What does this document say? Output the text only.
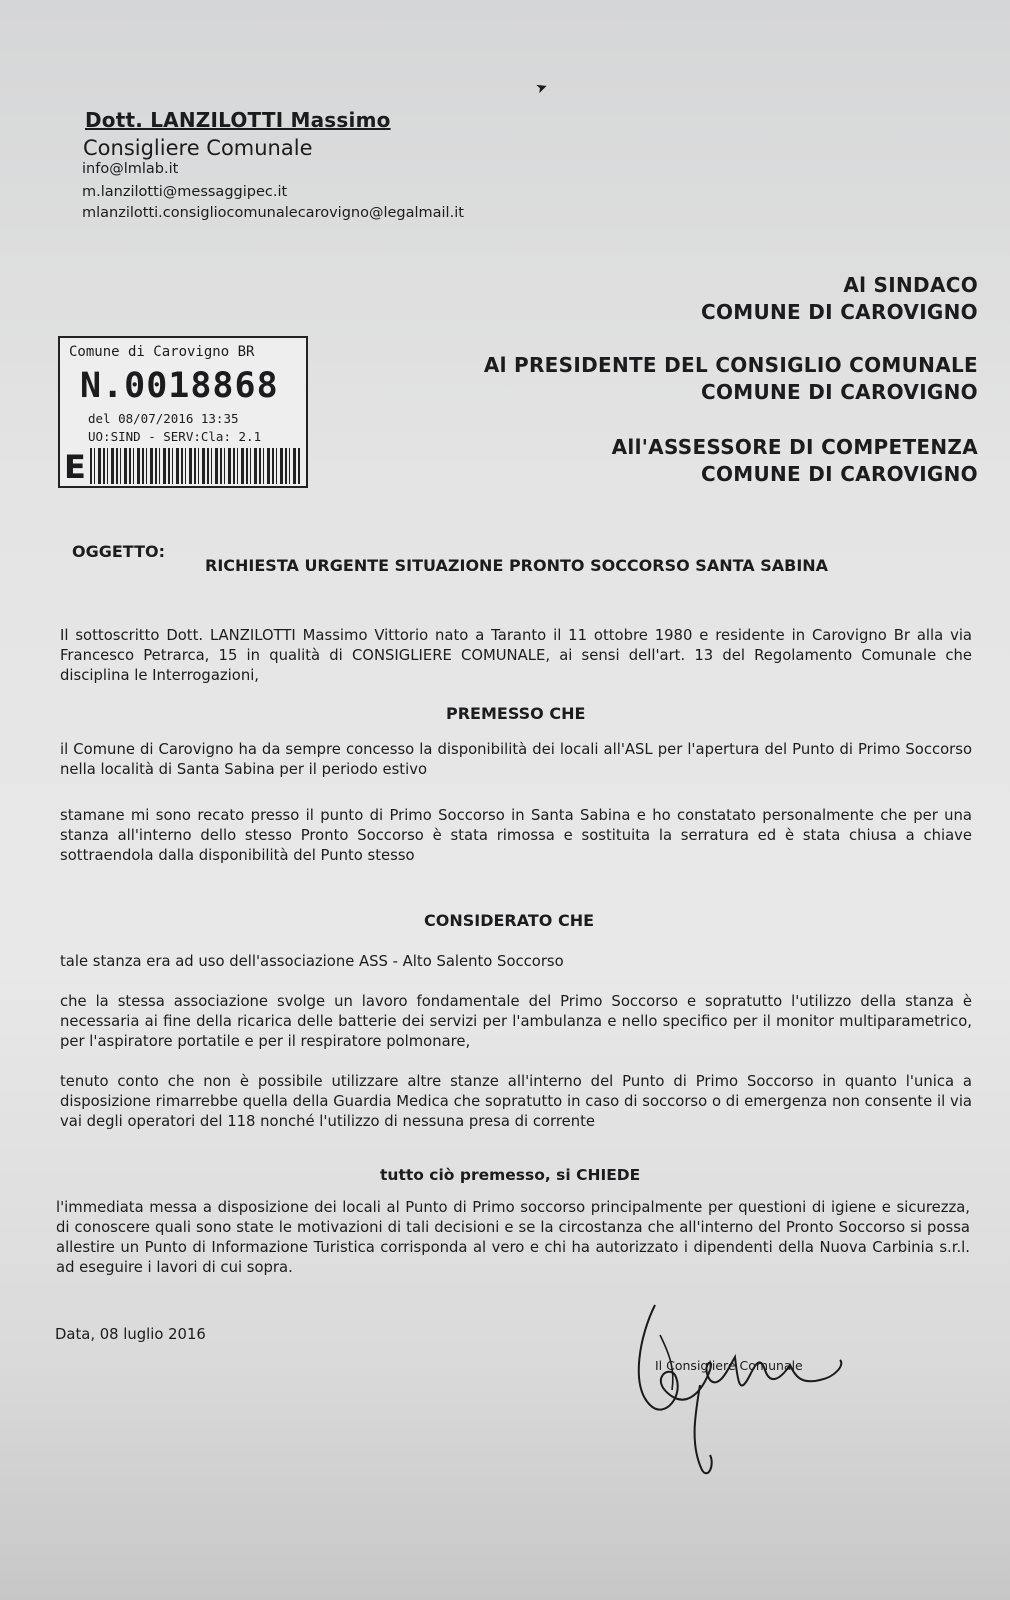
➤
Dott. LANZILOTTI Massimo
Consigliere Comunale
info@lmlab.it
m.lanzilotti@messaggipec.it
mlanzilotti.consigliocomunalecarovigno@legalmail.it
Al SINDACO
COMUNE DI CAROVIGNO
Al PRESIDENTE DEL CONSIGLIO COMUNALE
COMUNE DI CAROVIGNO
All'ASSESSORE DI COMPETENZA
COMUNE DI CAROVIGNO
Comune di Carovigno BR
N.0018868
del 08/07/2016 13:35
UO:SIND - SERV:Cla: 2.1
E
OGGETTO:
RICHIESTA URGENTE SITUAZIONE PRONTO SOCCORSO SANTA SABINA
Il sottoscritto Dott. LANZILOTTI Massimo Vittorio nato a Taranto il 11 ottobre 1980 e residente in Carovigno Br alla via Francesco Petrarca, 15 in qualità di CONSIGLIERE COMUNALE, ai sensi dell'art. 13 del Regolamento Comunale che disciplina le Interrogazioni,
PREMESSO CHE
il Comune di Carovigno ha da sempre concesso la disponibilità dei locali all'ASL per l'apertura del Punto di Primo Soccorso nella località di Santa Sabina per il periodo estivo
stamane mi sono recato presso il punto di Primo Soccorso in Santa Sabina e ho constatato personalmente che per una stanza all'interno dello stesso Pronto Soccorso è stata rimossa e sostituita la serratura ed è stata chiusa a chiave sottraendola dalla disponibilità del Punto stesso
CONSIDERATO CHE
tale stanza era ad uso dell'associazione ASS - Alto Salento Soccorso
che la stessa associazione svolge un lavoro fondamentale del Primo Soccorso e sopratutto l'utilizzo della stanza è necessaria ai fine della ricarica delle batterie dei servizi per l'ambulanza e nello specifico per il monitor multiparametrico, per l'aspiratore portatile e per il respiratore polmonare,
tenuto conto che non è possibile utilizzare altre stanze all'interno del Punto di Primo Soccorso in quanto l'unica a disposizione rimarrebbe quella della Guardia Medica che sopratutto in caso di soccorso o di emergenza non consente il via vai degli operatori del 118 nonché l'utilizzo di nessuna presa di corrente
tutto ciò premesso, si CHIEDE
l'immediata messa a disposizione dei locali al Punto di Primo soccorso principalmente per questioni di igiene e sicurezza, di conoscere quali sono state le motivazioni di tali decisioni e se la circostanza che all'interno del Pronto Soccorso si possa allestire un Punto di Informazione Turistica corrisponda al vero e chi ha autorizzato i dipendenti della Nuova Carbinia s.r.l. ad eseguire i lavori di cui sopra.
Data, 08 luglio 2016
Il Consigliere Comunale
